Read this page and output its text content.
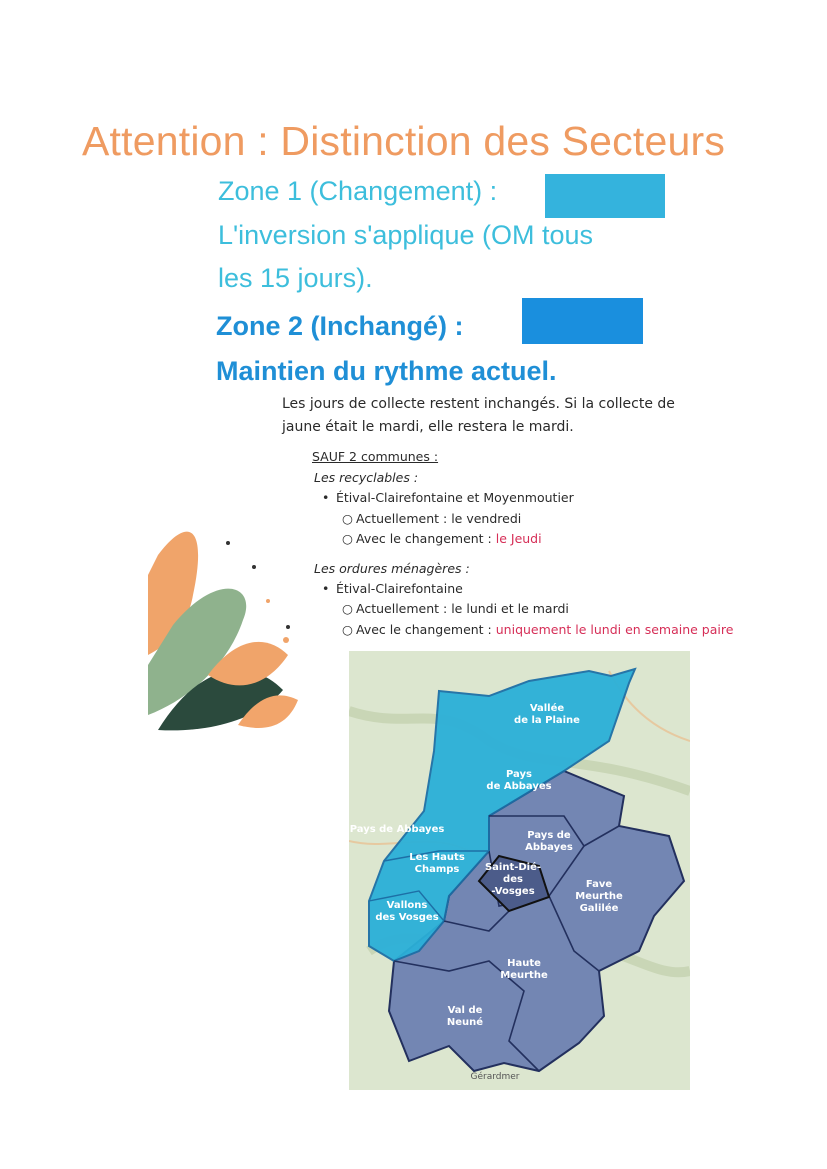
Attention : Distinction des Secteurs
Zone 1 (Changement) :
L'inversion s'applique (OM tous
les 15 jours).
Zone 2 (Inchangé) :
Maintien du rythme actuel.
Les jours de collecte restent inchangés. Si la collecte de
jaune était le mardi, elle restera le mardi.
SAUF 2 communes :
Les recyclables :
• Étival-Clairefontaine et Moyenmoutier
○ Actuellement : le vendredi
○ Avec le changement : le Jeudi
Les ordures ménagères :
• Étival-Clairefontaine
○ Actuellement : le lundi et le mardi
○ Avec le changement : uniquement le lundi en semaine paire
Vallée de la Plaine
Pays de Abbayes
Pays de Abbayes
Pays de Abbayes
Les Hauts Champs	Saint-Dié-des -Vosges
Fave Meurthe Galilée
Vallons des Vosges
Haute Meurthe
Val de Neuné
Gérardmer
